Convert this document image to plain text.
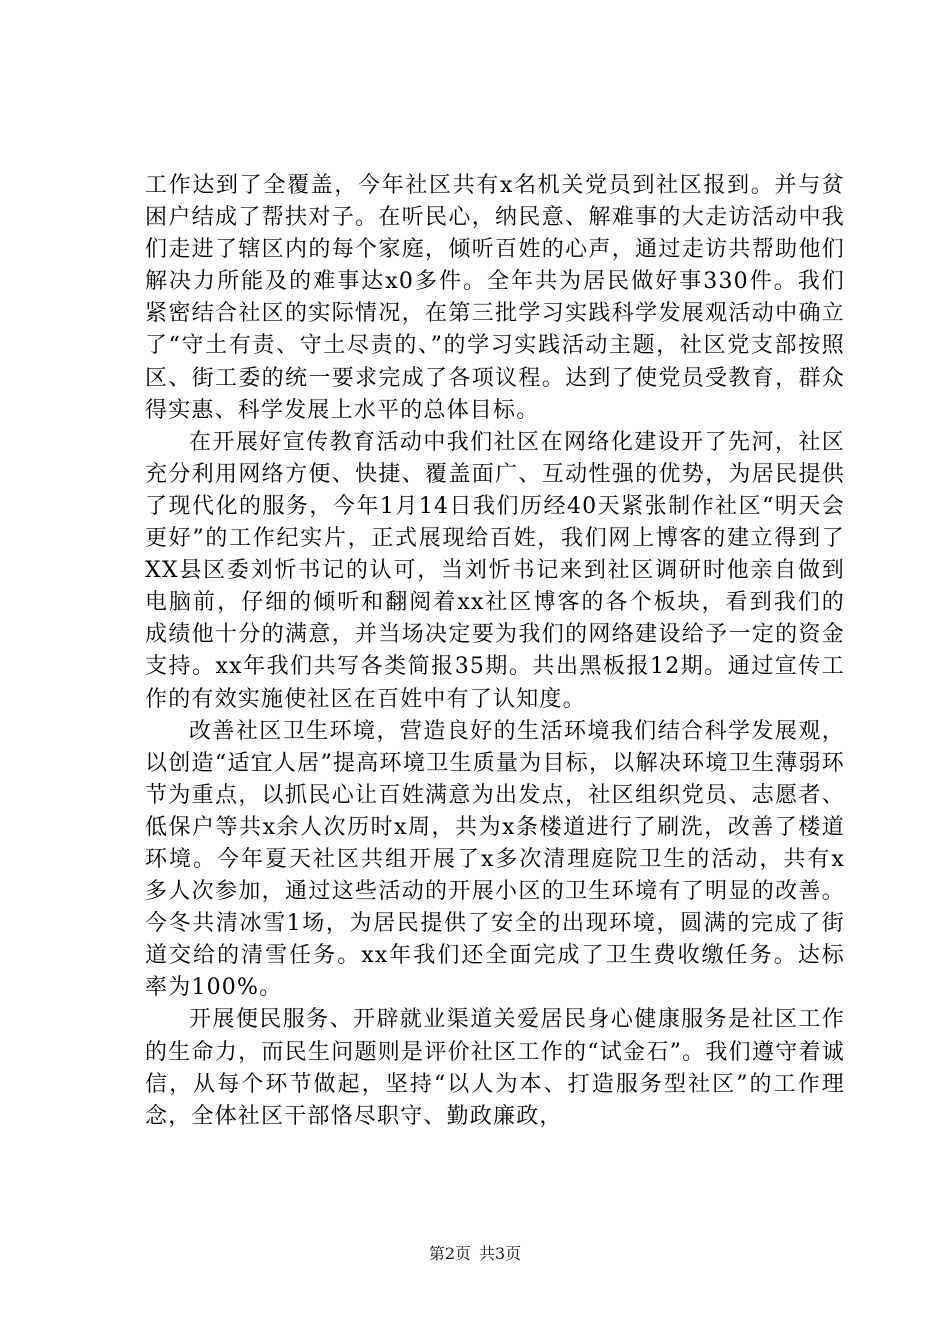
工作达到了全覆盖，今年社区共有x名机关党员到社区报到。并与贫困户结成了帮扶对子。在听民心，纳民意、解难事的大走访活动中我们走进了辖区内的每个家庭，倾听百姓的心声，通过走访共帮助他们解决力所能及的难事达x0多件。全年共为居民做好事330件。我们紧密结合社区的实际情况，在第三批学习实践科学发展观活动中确立了“守土有责、守土尽责的、”的学习实践活动主题，社区党支部按照区、街工委的统一要求完成了各项议程。达到了使党员受教育，群众得实惠、科学发展上水平的总体目标。

在开展好宣传教育活动中我们社区在网络化建设开了先河，社区充分利用网络方便、快捷、覆盖面广、互动性强的优势，为居民提供了现代化的服务，今年1月14日我们历经40天紧张制作社区“明天会更好”的工作纪实片，正式展现给百姓，我们网上博客的建立得到了XX县区委刘忻书记的认可，当刘忻书记来到社区调研时他亲自做到电脑前，仔细的倾听和翻阅着xx社区博客的各个板块，看到我们的成绩他十分的满意，并当场决定要为我们的网络建设给予一定的资金支持。xx年我们共写各类简报35期。共出黑板报12期。通过宣传工作的有效实施使社区在百姓中有了认知度。

改善社区卫生环境，营造良好的生活环境我们结合科学发展观，以创造“适宜人居”提高环境卫生质量为目标，以解决环境卫生薄弱环节为重点，以抓民心让百姓满意为出发点，社区组织党员、志愿者、低保户等共x余人次历时x周，共为x条楼道进行了刷洗，改善了楼道环境。今年夏天社区共组开展了x多次清理庭院卫生的活动，共有x多人次参加，通过这些活动的开展小区的卫生环境有了明显的改善。今冬共清冰雪1场，为居民提供了安全的出现环境，圆满的完成了街道交给的清雪任务。xx年我们还全面完成了卫生费收缴任务。达标率为100%。

开展便民服务、开辟就业渠道关爱居民身心健康服务是社区工作的生命力，而民生问题则是评价社区工作的“试金石”。我们遵守着诚信，从每个环节做起，坚持“以人为本、打造服务型社区”的工作理念，全体社区干部恪尽职守、勤政廉政，

第2页 共3页
